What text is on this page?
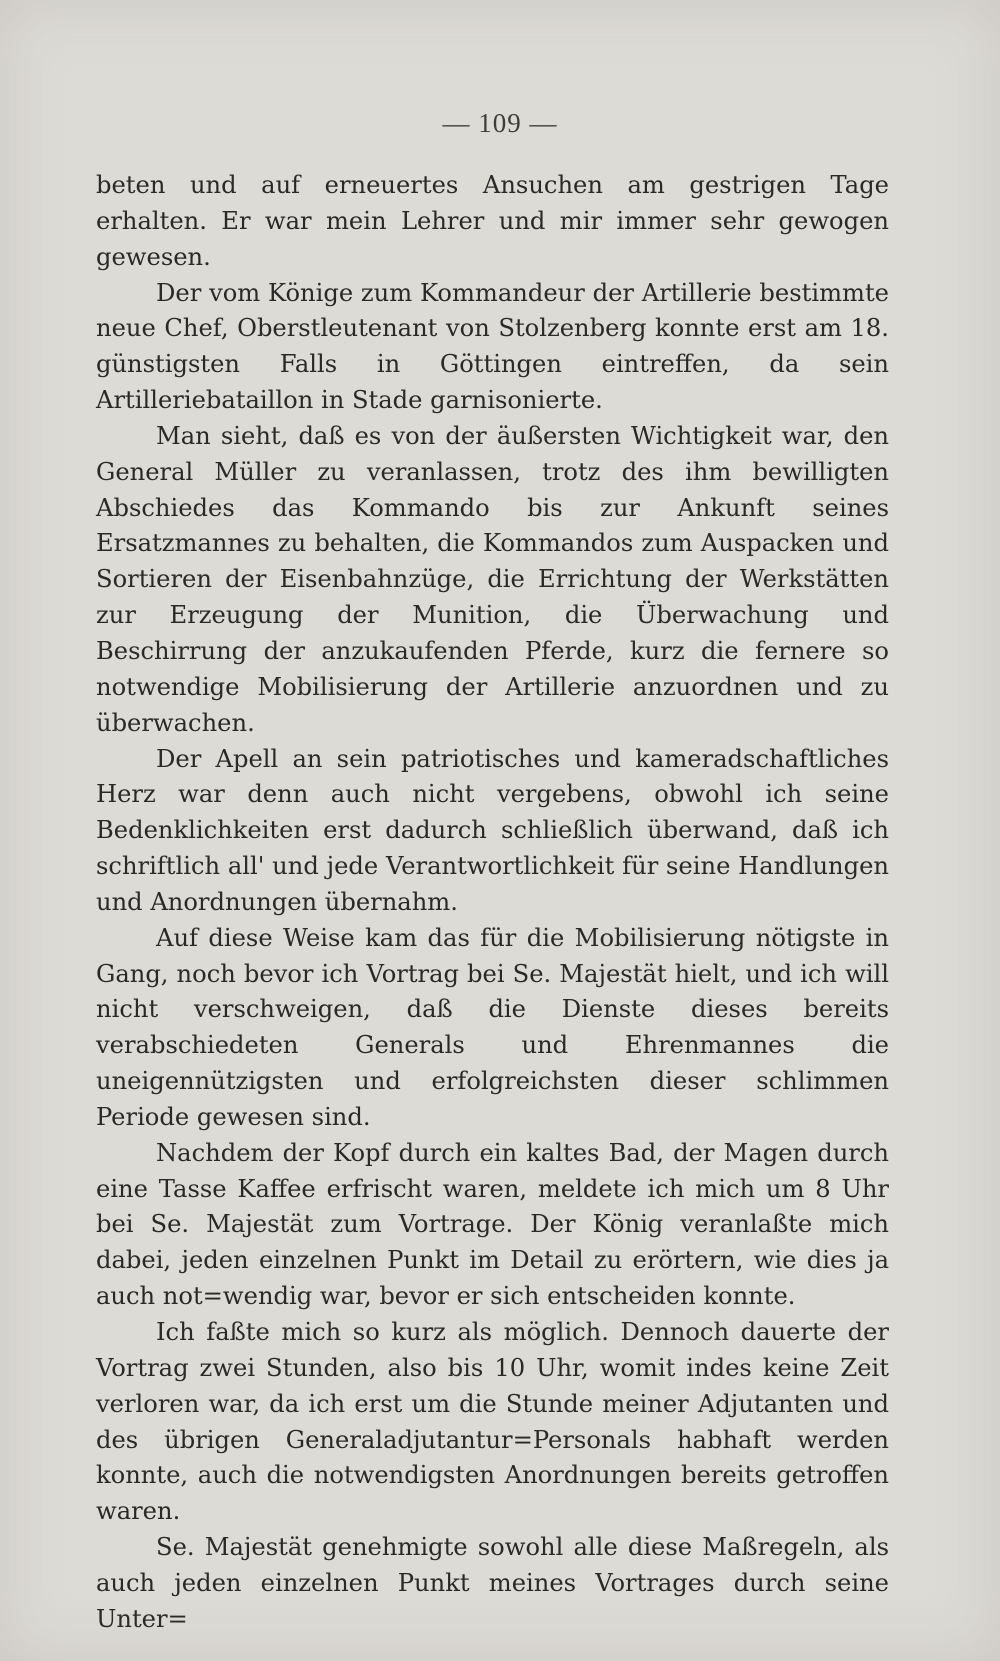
— 109 —

beten und auf erneuertes Ansuchen am gestrigen Tage erhalten. Er war mein Lehrer und mir immer sehr gewogen gewesen.

Der vom Könige zum Kommandeur der Artillerie bestimmte neue Chef, Oberstleutenant von Stolzenberg konnte erst am 18. günstigsten Falls in Göttingen eintreffen, da sein Artilleriebataillon in Stade garnisonierte.

Man sieht, daß es von der äußersten Wichtigkeit war, den General Müller zu veranlassen, trotz des ihm bewilligten Abschiedes das Kommando bis zur Ankunft seines Ersatzmannes zu behalten, die Kommandos zum Auspacken und Sortieren der Eisenbahnzüge, die Errichtung der Werkstätten zur Erzeugung der Munition, die Überwachung und Beschirrung der anzukaufenden Pferde, kurz die fernere so notwendige Mobilisierung der Artillerie anzuordnen und zu überwachen.

Der Apell an sein patriotisches und kameradschaftliches Herz war denn auch nicht vergebens, obwohl ich seine Bedenklichkeiten erst dadurch schließlich überwand, daß ich schriftlich all' und jede Verantwortlichkeit für seine Handlungen und Anordnungen übernahm.

Auf diese Weise kam das für die Mobilisierung nötigste in Gang, noch bevor ich Vortrag bei Se. Majestät hielt, und ich will nicht verschweigen, daß die Dienste dieses bereits verabschiedeten Generals und Ehrenmannes die uneigennützigsten und erfolgreichsten dieser schlimmen Periode gewesen sind.

Nachdem der Kopf durch ein kaltes Bad, der Magen durch eine Tasse Kaffee erfrischt waren, meldete ich mich um 8 Uhr bei Se. Majestät zum Vortrage. Der König veranlaßte mich dabei, jeden einzelnen Punkt im Detail zu erörtern, wie dies ja auch not=wendig war, bevor er sich entscheiden konnte.

Ich faßte mich so kurz als möglich. Dennoch dauerte der Vortrag zwei Stunden, also bis 10 Uhr, womit indes keine Zeit verloren war, da ich erst um die Stunde meiner Adjutanten und des übrigen Generaladjutantur=Personals habhaft werden konnte, auch die notwendigsten Anordnungen bereits getroffen waren.

Se. Majestät genehmigte sowohl alle diese Maßregeln, als auch jeden einzelnen Punkt meines Vortrages durch seine Unter=
